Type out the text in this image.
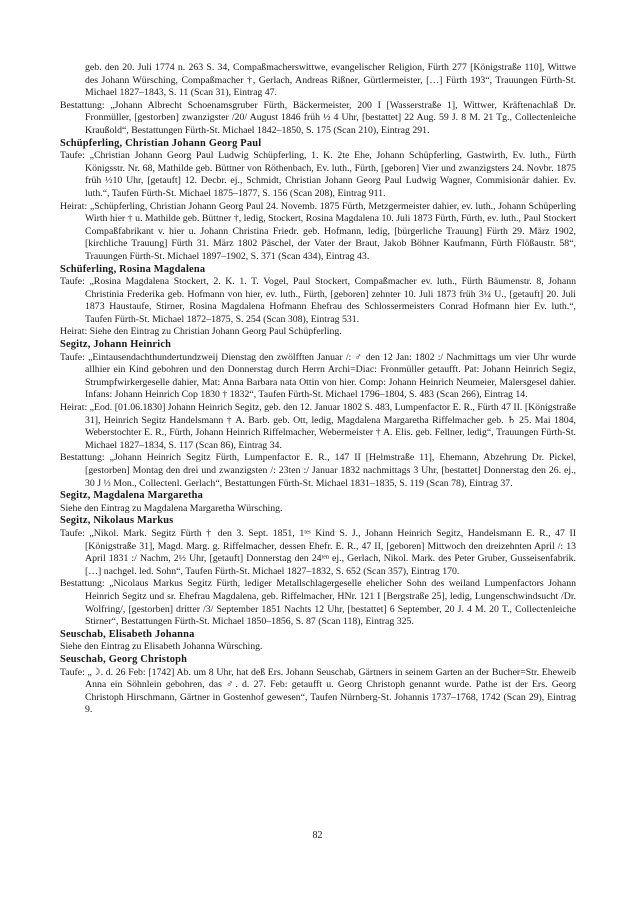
geb. den 20. Juli 1774 n. 263 S. 34, Compaßmacherswittwe, evangelischer Religion, Fürth 277 [Königstraße 110], Wittwe des Johann Würsching, Compaßmacher †, Gerlach, Andreas Rißner, Gürtlermeister, […] Fürth 193“, Trauungen Fürth-St. Michael 1827–1843, S. 11 (Scan 31), Eintrag 47.

Bestattung: „Johann Albrecht Schoenamsgruber Fürth, Bäckermeister, 200 I [Wasserstraße 1], Wittwer, Kräftenachlaß Dr. Fronmüller, [gestorben] zwanzigster /20/ August 1846 früh ½ 4 Uhr, [bestattet] 22 Aug. 59 J. 8 M. 21 Tg., Collectenleiche Kraußold“, Bestattungen Fürth-St. Michael 1842–1850, S. 175 (Scan 210), Eintrag 291.

Schüpferling, Christian Johann Georg Paul

Taufe: „Christian Johann Georg Paul Ludwig Schüpferling, 1. K. 2te Ehe, Johann Schüpferling, Gastwirth, Ev. luth., Fürth Königsstr. Nr. 68, Mathilde geb. Büttner von Röthenbach, Ev. luth., Fürth, [geboren] Vier und zwanzigsters 24. Novbr. 1875 früh ½10 Uhr, [getauft] 12. Decbr. ej., Schmidt, Christian Johann Georg Paul Ludwig Wagner, Commisionär dahier. Ev. luth.“, Taufen Fürth-St. Michael 1875–1877, S. 156 (Scan 208), Eintrag 911.

Heirat: „Schüpferling, Christian Johann Georg Paul 24. Novemb. 1875 Fürth, Metzgermeister dahier, ev. luth., Johann Schüperling Wirth hier † u. Mathilde geb. Büttner †, ledig, Stockert, Rosina Magdalena 10. Juli 1873 Fürth, Fürth, ev. luth., Paul Stockert Compaßfabrikant v. hier u. Johann Christina Friedr. geb. Hofmann, ledig, [bürgerliche Trauung] Fürth 29. März 1902, [kirchliche Trauung] Fürth 31. März 1802 Päschel, der Vater der Braut, Jakob Böhner Kaufmann, Fürth Flößaustr. 58“, Trauungen Fürth-St. Michael 1897–1902, S. 371 (Scan 434), Eintrag 43.

Schüferling, Rosina Magdalena

Taufe: „Rosina Magdalena Stockert, 2. K. 1. T. Vogel, Paul Stockert, Compaßmacher ev. luth., Fürth Bäumenstr. 8, Johann Christinia Frederika geb. Hofmann von hier, ev. luth., Fürth, [geboren] zehnter 10. Juli 1873 früh 3¼ U., [getauft] 20. Juli 1873 Haustaufe, Stirner, Rosina Magdalena Hofmann Ehefrau des Schlossermeisters Conrad Hofmann hier Ev. luth.“, Taufen Fürth-St. Michael 1872–1875, S. 254 (Scan 308), Eintrag 531.

Heirat: Siehe den Eintrag zu Christian Johann Georg Paul Schüpferling.

Segitz, Johann Heinrich

Taufe: „Eintausendachthundertundzweij Dienstag den zwölfften Januar /: ♂ den 12 Jan: 1802 :/ Nachmittags um vier Uhr wurde allhier ein Kind gebohren und den Donnerstag durch Herrn Archi=Diac: Fronmüller getaufft. Pat: Johann Heinrich Segiz, Strumpfwirkergeselle dahier, Mat: Anna Barbara nata Ottin von hier. Comp: Johann Heinrich Neumeier, Malersgesel dahier. Infans: Johann Heinrich Cop 1830 † 1832“, Taufen Fürth-St. Michael 1796–1804, S. 483 (Scan 266), Eintrag 14.

Heirat: „Eod. [01.06.1830] Johann Heinrich Segitz, geb. den 12. Januar 1802 S. 483, Lumpenfactor E. R., Fürth 47 II. [Königstraße 31], Heinrich Segitz Handelsmann † A. Barb. geb. Ott, ledig, Magdalena Margaretha Riffelmacher geb. ♄ 25. Mai 1804, Weberstochter E. R., Fürth, Johann Heinrich Riffelmacher, Webermeister † A. Elis. geb. Fellner, ledig“, Trauungen Fürth-St. Michael 1827–1834, S. 117 (Scan 86), Eintrag 34.

Bestattung: „Johann Heinrich Segitz Fürth, Lumpenfactor E. R., 147 II [Helmstraße 11], Ehemann, Abzehrung Dr. Pickel, [gestorben] Montag den drei und zwanzigsten /: 23ten :/ Januar 1832 nachmittags 3 Uhr, [bestattet] Donnerstag den 26. ej., 30 J ⅓ Mon., Collectenl. Gerlach“, Bestattungen Fürth-St. Michael 1831–1835, S. 119 (Scan 78), Eintrag 37.

Segitz, Magdalena Margaretha

Siehe den Eintrag zu Magdalena Margaretha Würsching.

Segitz, Nikolaus Markus

Taufe: „Nikol. Mark. Segitz Fürth † den 3. Sept. 1851, 1ᵗᵉˢ Kind S. J., Johann Heinrich Segitz, Handelsmann E. R., 47 II [Königstraße 31], Magd. Marg. g. Riffelmacher, dessen Ehefr. E. R., 47 II, [geboren] Mittwoch den dreizehnten April /: 13 April 1831 :/ Nachm, 2½ Uhr, [getauft] Donnerstag den 24ᵗᵉⁿ ej., Gerlach, Nikol. Mark. des Peter Gruber, Gusseisenfabrik. […] nachgel. led. Sohn“, Taufen Fürth-St. Michael 1827–1832, S. 652 (Scan 357), Eintrag 170.

Bestattung: „Nicolaus Markus Segitz Fürth, lediger Metallschlagergeselle ehelicher Sohn des weiland Lumpenfactors Johann Heinrich Segitz und sr. Ehefrau Magdalena, geb. Riffelmacher, HNr. 121 I [Bergstraße 25], ledig, Lungenschwindsucht /Dr. Wolfring/, [gestorben] dritter /3/ September 1851 Nachts 12 Uhr, [bestattet] 6 September, 20 J. 4 M. 20 T., Collectenleiche Stirner“, Bestattungen Fürth-St. Michael 1850–1856, S. 87 (Scan 118), Eintrag 325.

Seuschab, Elisabeth Johanna

Siehe den Eintrag zu Elisabeth Johanna Würsching.

Seuschab, Georg Christoph

Taufe: „☽. d. 26 Feb: [1742] Ab. um 8 Uhr, hat deß Ers. Johann Seuschab, Gärtners in seinem Garten an der Bucher=Str. Eheweib Anna ein Söhnlein gebohren, das ♂. d. 27. Feb: getaufft u. Georg Christoph genannt wurde. Pathe ist der Ers. Georg Christoph Hirschmann, Gärtner in Gostenhof gewesen“, Taufen Nürnberg-St. Johannis 1737–1768, 1742 (Scan 29), Eintrag 9.

82
